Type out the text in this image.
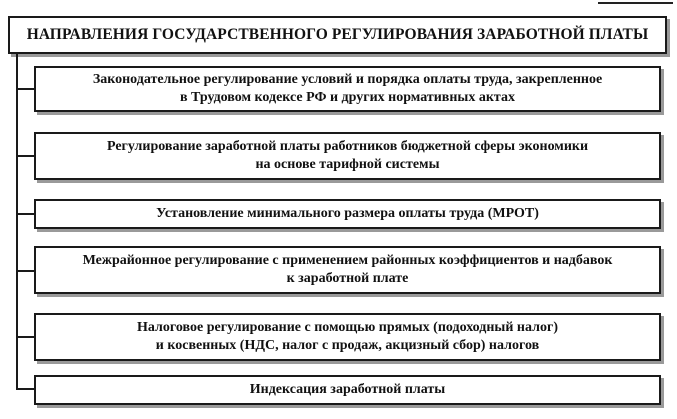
НАПРАВЛЕНИЯ ГОСУДАРСТВЕННОГО РЕГУЛИРОВАНИЯ ЗАРАБОТНОЙ ПЛАТЫ
Законодательное регулирование условий и порядка оплаты труда, закрепленное
в Трудовом кодексе РФ и других нормативных актах
Регулирование заработной платы работников бюджетной сферы экономики
на основе тарифной системы
Установление минимального размера оплаты труда (МРОТ)
Межрайонное регулирование с применением районных коэффициентов и надбавок
к заработной плате
Налоговое регулирование с помощью прямых (подоходный налог)
и косвенных (НДС, налог с продаж, акцизный сбор) налогов
Индексация заработной платы
